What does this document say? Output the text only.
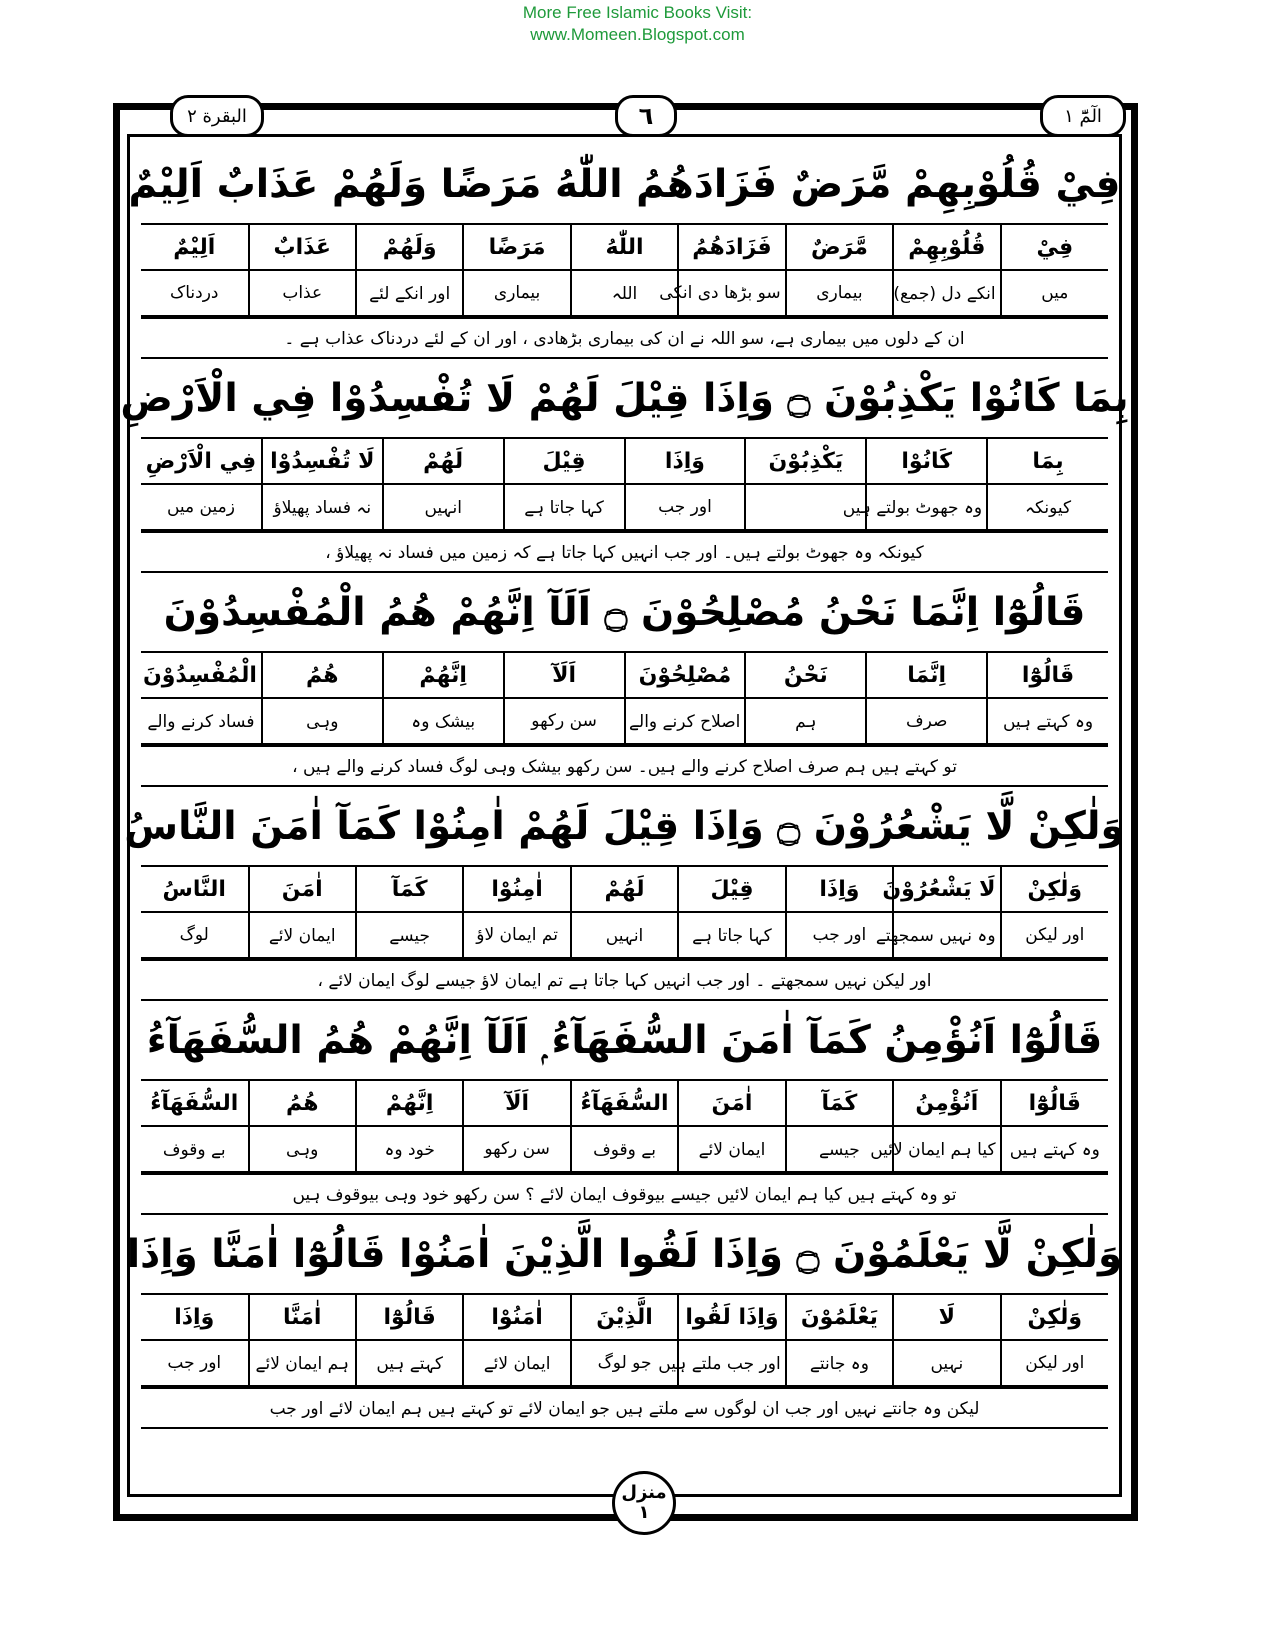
More Free Islamic Books Visit:
www.Momeen.Blogspot.com
البقرة ٢	٦	الٓمّٓ ١
فِيْ قُلُوْبِهِمْ مَّرَضٌ فَزَادَهُمُ اللّٰهُ مَرَضًا وَلَهُمْ عَذَابٌ اَلِيْمٌ
فِيْ	قُلُوْبِهِمْ	مَّرَضٌ	فَزَادَهُمُ	اللّٰهُ	مَرَضًا	وَلَهُمْ	عَذَابٌ	اَلِيْمٌ
میں	انکے دل (جمع)	بیماری	سو بڑھا دی انکی	اللہ	بیماری	اور انکے لئے	عذاب	دردناک
ان کے دلوں میں بیماری ہے، سو اللہ نے ان کی بیماری بڑھادی ، اور ان کے لئے دردناک عذاب ہے ۔
بِمَا كَانُوْا يَكْذِبُوْنَ ۝ وَاِذَا قِيْلَ لَهُمْ لَا تُفْسِدُوْا فِي الْاَرْضِ
بِمَا	كَانُوْا	يَكْذِبُوْنَ	وَاِذَا	قِيْلَ	لَهُمْ	لَا تُفْسِدُوْا	فِي الْاَرْضِ
کیونکہ	وہ جھوٹ بولتے ہیں		اور جب	کہا جاتا ہے	انہیں	نہ فساد پھیلاؤ	زمین میں
کیونکہ وہ جھوٹ بولتے ہیں۔ اور جب انہیں کہا جاتا ہے کہ زمین میں فساد نہ پھیلاؤ ،
قَالُوْٓا اِنَّمَا نَحْنُ مُصْلِحُوْنَ ۝ اَلَآ اِنَّهُمْ هُمُ الْمُفْسِدُوْنَ
قَالُوْٓا	اِنَّمَا	نَحْنُ	مُصْلِحُوْنَ	اَلَآ	اِنَّهُمْ	هُمُ	الْمُفْسِدُوْنَ
وہ کہتے ہیں	صرف	ہم	اصلاح کرنے والے	سن رکھو	بیشک وہ	وہی	فساد کرنے والے
تو کہتے ہیں ہم صرف اصلاح کرنے والے ہیں۔ سن رکھو بیشک وہی لوگ فساد کرنے والے ہیں ،
وَلٰكِنْ لَّا يَشْعُرُوْنَ ۝ وَاِذَا قِيْلَ لَهُمْ اٰمِنُوْا كَمَآ اٰمَنَ النَّاسُ
وَلٰكِنْ	لَا يَشْعُرُوْنَ	وَاِذَا	قِيْلَ	لَهُمْ	اٰمِنُوْا	كَمَآ	اٰمَنَ	النَّاسُ
اور لیکن	وہ نہیں سمجھتے	اور جب	کہا جاتا ہے	انہیں	تم ایمان لاؤ	جیسے	ایمان لائے	لوگ
اور لیکن نہیں سمجھتے ۔ اور جب انہیں کہا جاتا ہے تم ایمان لاؤ جیسے لوگ ایمان لائے ،
قَالُوْٓا اَنُؤْمِنُ كَمَآ اٰمَنَ السُّفَهَآءُ ۭ اَلَآ اِنَّهُمْ هُمُ السُّفَهَآءُ
قَالُوْٓا	اَنُؤْمِنُ	كَمَآ	اٰمَنَ	السُّفَهَآءُ	اَلَآ	اِنَّهُمْ	هُمُ	السُّفَهَآءُ
وہ کہتے ہیں	کیا ہم ایمان لائیں	جیسے	ایمان لائے	بے وقوف	سن رکھو	خود وہ	وہی	بے وقوف
تو وہ کہتے ہیں کیا ہم ایمان لائیں جیسے بیوقوف ایمان لائے ؟ سن رکھو خود وہی بیوقوف ہیں
وَلٰكِنْ لَّا يَعْلَمُوْنَ ۝ وَاِذَا لَقُوا الَّذِيْنَ اٰمَنُوْا قَالُوْٓا اٰمَنَّا وَاِذَا
وَلٰكِنْ	لَا	يَعْلَمُوْنَ	وَاِذَا لَقُوا	الَّذِيْنَ	اٰمَنُوْا	قَالُوْٓا	اٰمَنَّا	وَاِذَا
اور لیکن	نہیں	وہ جانتے	اور جب ملتے ہیں	جو لوگ	ایمان لائے	کہتے ہیں	ہم ایمان لائے	اور جب
لیکن وہ جانتے نہیں اور جب ان لوگوں سے ملتے ہیں جو ایمان لائے تو کہتے ہیں ہم ایمان لائے اور جب
منزل
١
